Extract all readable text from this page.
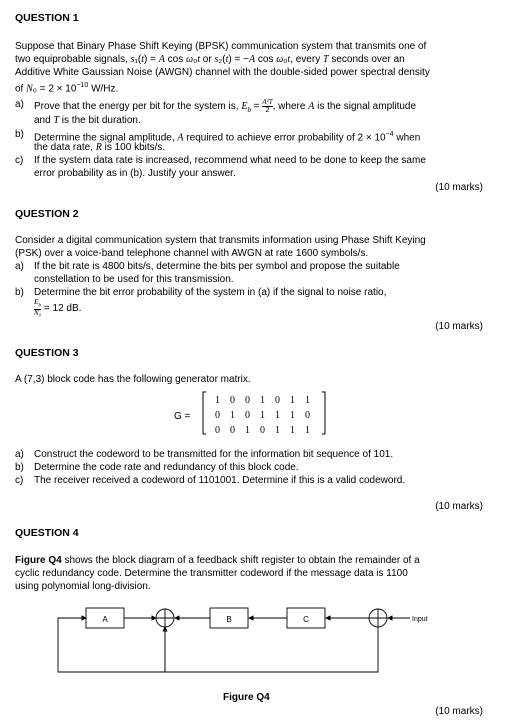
QUESTION 1
Suppose that Binary Phase Shift Keying (BPSK) communication system that transmits one of
two equiprobable signals, s₁(t) = A cos ω₀t or s₂(t) = −A cos ω₀t, every T seconds over an
Additive White Gaussian Noise (AWGN) channel with the double-sided power spectral density
of $N_0 = 2 \times 10^{-10}$ W/Hz.
a) Prove that the energy per bit for the system is, $E_b = \frac{\text{A²T}}{2}$ , where A is the signal amplitude
and T is the bit duration.
b) Determine the signal amplitude, A required to achieve error probability of $2 \times 10^{-4}$ when
the data rate, R is 100 kbits/s.
c) If the system data rate is increased, recommend what need to be done to keep the same
error probability as in (b). Justify your answer.
(10 marks)
QUESTION 2
Consider a digital communication system that transmits information using Phase Shift Keying
(PSK) over a voice-band telephone channel with AWGN at rate 1600 symbols/s.
a) If the bit rate is 4800 bits/s, determine the bits per symbol and propose the suitable
constellation to be used for this transmission.
b) Determine the bit error probability of the system in (a) if the signal to noise ratio,
$\frac{E_b}{\text{N₀}} = 12$ dB.
(10 marks)
QUESTION 3
A (7,3) block code has the following generator matrix.
G =
1 0 0 1 0 1 1
0 1 0 1 1 1 0
0 0 1 0 1 1 1
a) Construct the codeword to be transmitted for the information bit sequence of 101.
b) Determine the code rate and redundancy of this block code.
c) The receiver received a codeword of 1101001. Determine if this is a valid codeword.
(10 marks)
QUESTION 4
Figure Q4 shows the block diagram of a feedback shift register to obtain the remainder of a
cyclic redundancy code. Determine the transmitter codeword if the message data is 1100
using polynomial long-division.
A	B	C	Input
Figure Q4
(10 marks)
